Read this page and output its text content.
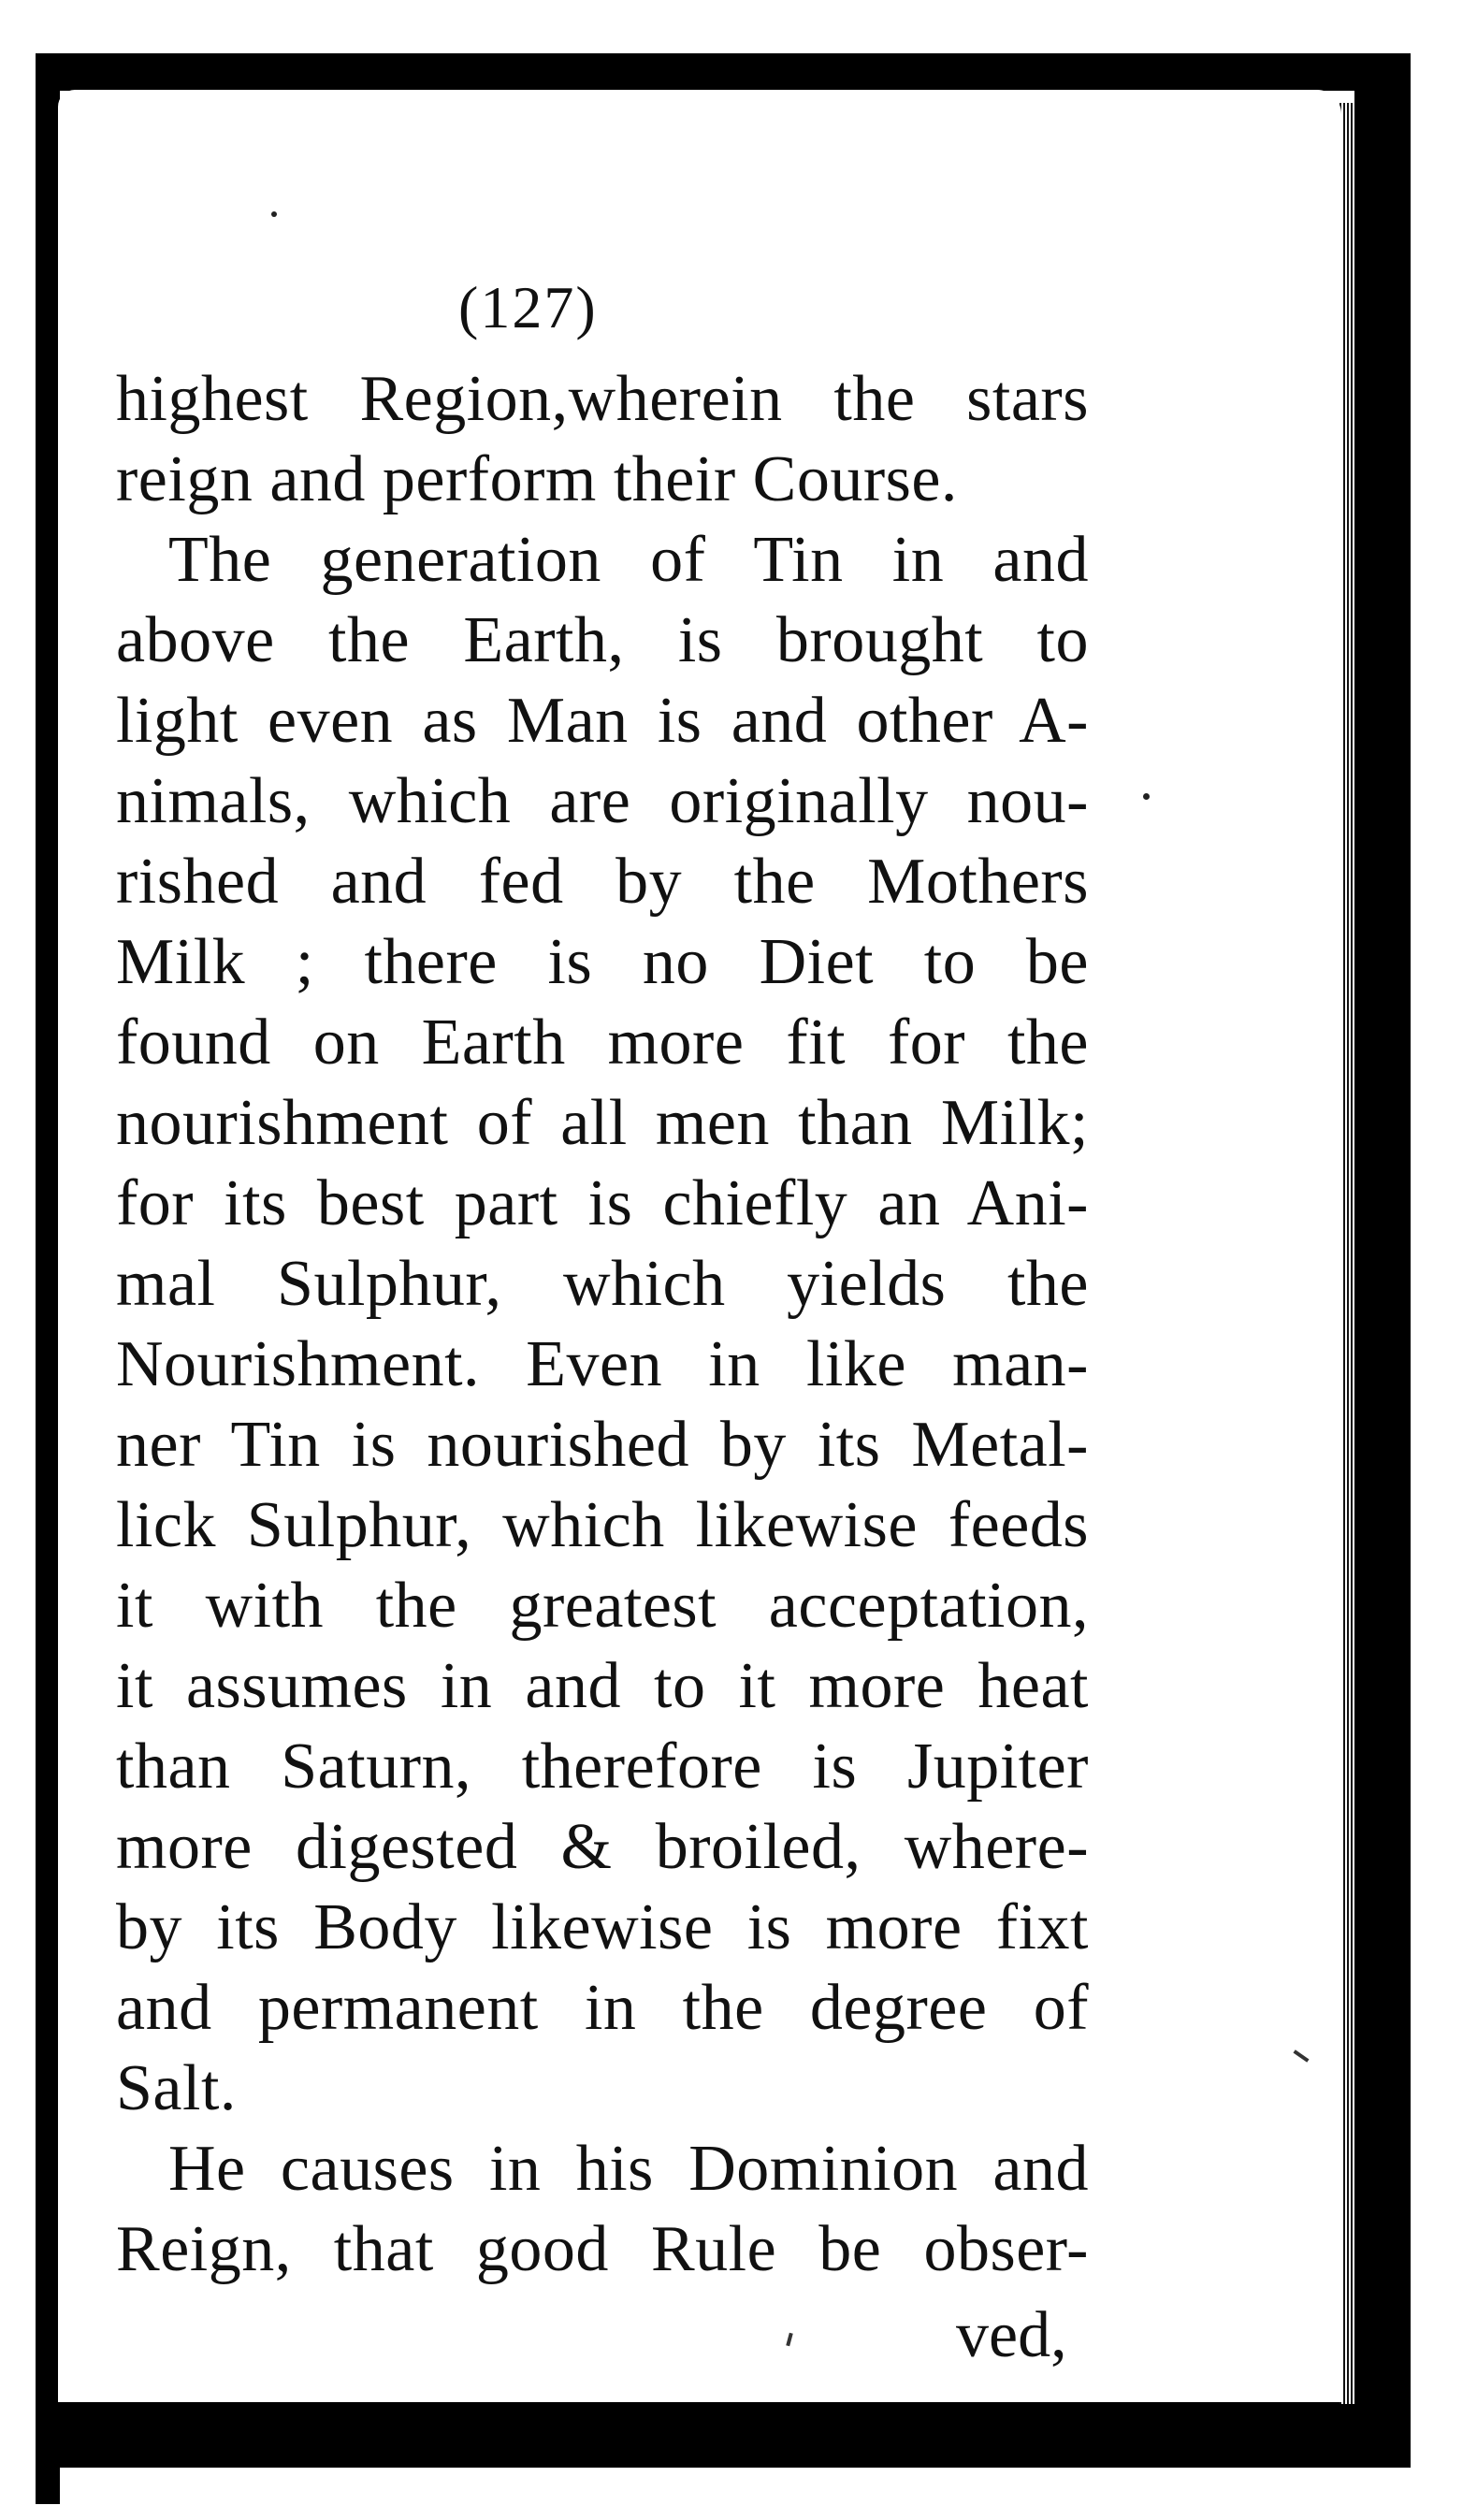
(127)
highest Region,wherein the stars
reign and perform their Course.
The generation of Tin in and
above the Earth, is brought to
light even as Man is and other A-
nimals, which are originally nou-
rished and fed by the Mothers
Milk ; there is no Diet to be
found on Earth more fit for the
nourishment of all men than Milk;
for its best part is chiefly an Ani-
mal Sulphur, which yields the
Nourishment. Even in like man-
ner Tin is nourished by its Metal-
lick Sulphur, which likewise feeds
it with the greatest acceptation,
it assumes in and to it more heat
than Saturn, therefore is Jupiter
more digested & broiled, where-
by its Body likewise is more fixt
and permanent in the degree of
Salt.
He causes in his Dominion and
Reign, that good Rule be obser-
ved,
